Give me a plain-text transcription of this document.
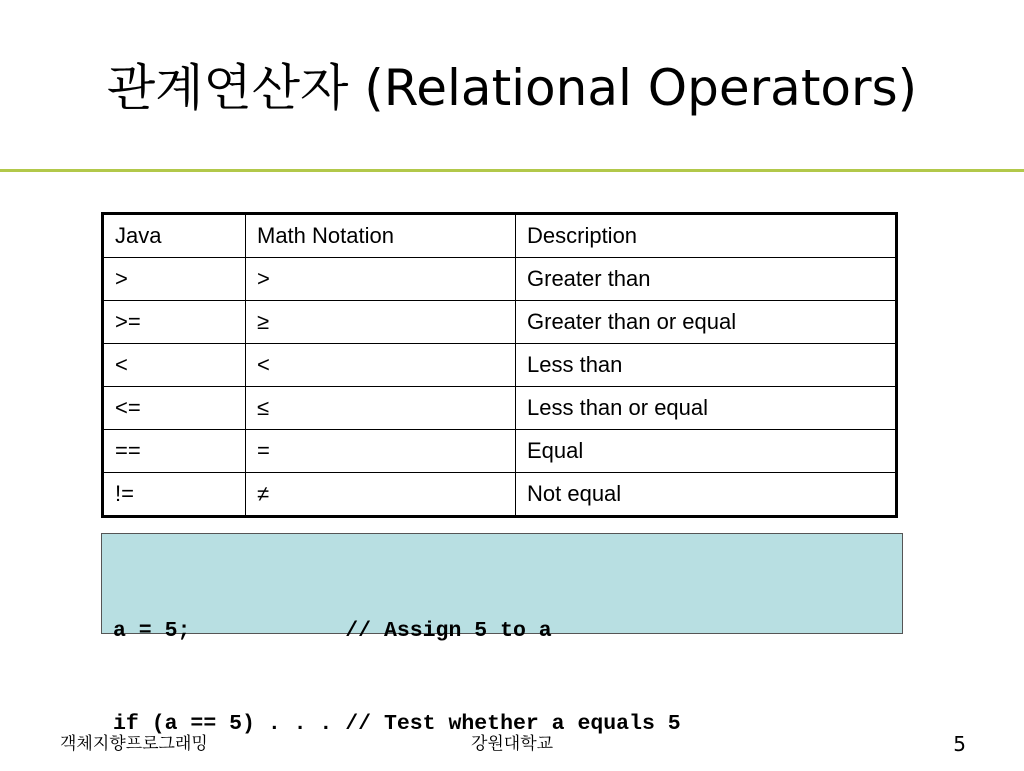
관계연산자 (Relational Operators)
Java	Math Notation	Description
>	>	Greater than
>=	≥	Greater than or equal
<	<	Less than
<=	≤	Less than or equal
==	=	Equal
!=	≠	Not equal

a = 5;            // Assign 5 to a

if (a == 5) . . . // Test whether a equals 5

객체지향프로그래밍	강원대학교	5
